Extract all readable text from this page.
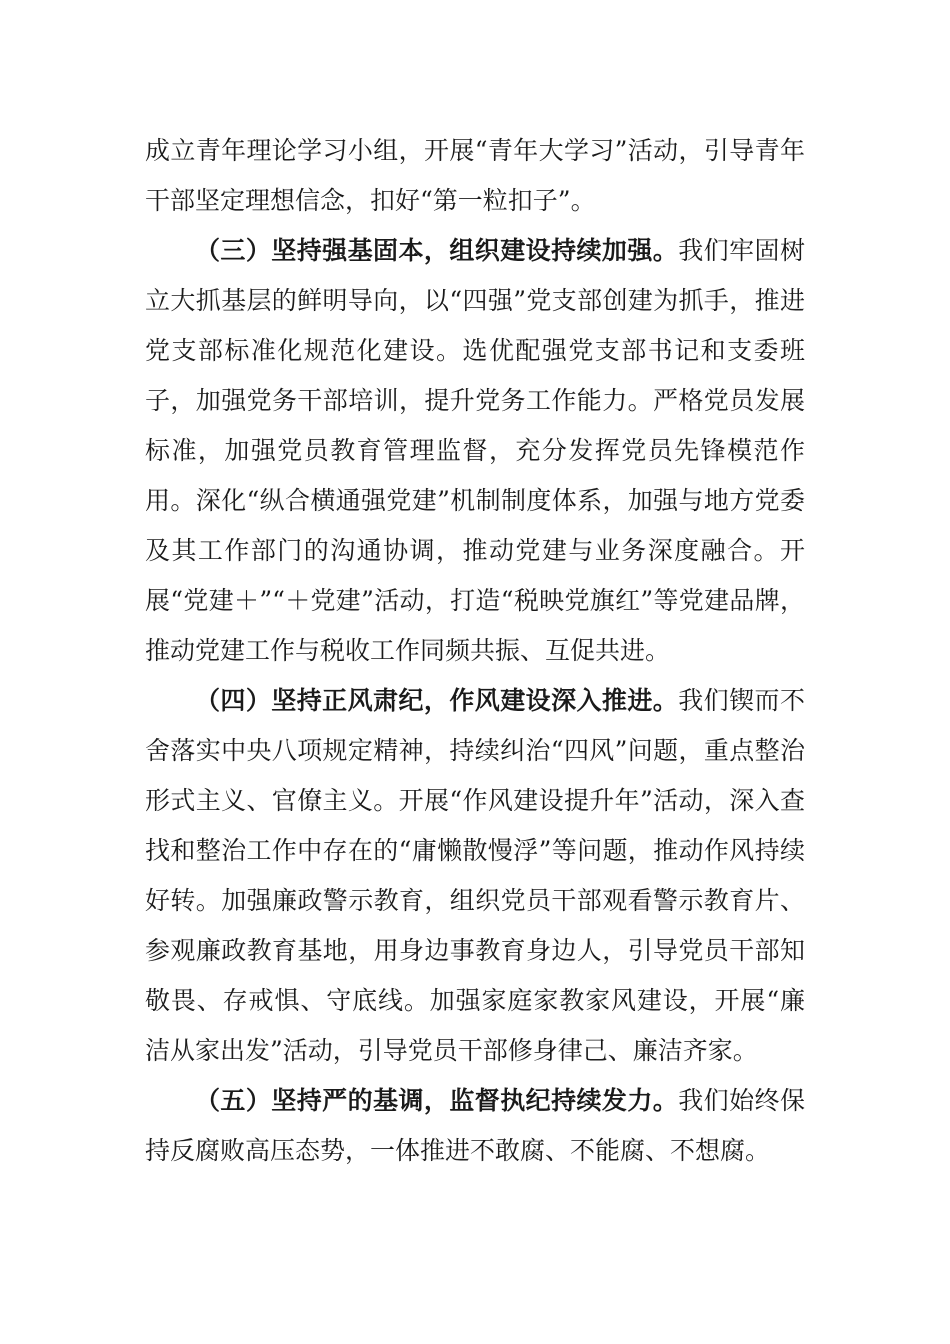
成立青年理论学习小组，开展“青年大学习”活动，引导青年干部坚定理想信念，扣好“第一粒扣子”。

（三）坚持强基固本，组织建设持续加强。我们牢固树立大抓基层的鲜明导向，以“四强”党支部创建为抓手，推进党支部标准化规范化建设。选优配强党支部书记和支委班子，加强党务干部培训，提升党务工作能力。严格党员发展标准，加强党员教育管理监督，充分发挥党员先锋模范作用。深化“纵合横通强党建”机制制度体系，加强与地方党委及其工作部门的沟通协调，推动党建与业务深度融合。开展“党建＋”“＋党建”活动，打造“税映党旗红”等党建品牌，推动党建工作与税收工作同频共振、互促共进。

（四）坚持正风肃纪，作风建设深入推进。我们锲而不舍落实中央八项规定精神，持续纠治“四风”问题，重点整治形式主义、官僚主义。开展“作风建设提升年”活动，深入查找和整治工作中存在的“庸懒散慢浮”等问题，推动作风持续好转。加强廉政警示教育，组织党员干部观看警示教育片、参观廉政教育基地，用身边事教育身边人，引导党员干部知敬畏、存戒惧、守底线。加强家庭家教家风建设，开展“廉洁从家出发”活动，引导党员干部修身律己、廉洁齐家。

（五）坚持严的基调，监督执纪持续发力。我们始终保持反腐败高压态势，一体推进不敢腐、不能腐、不想腐。
